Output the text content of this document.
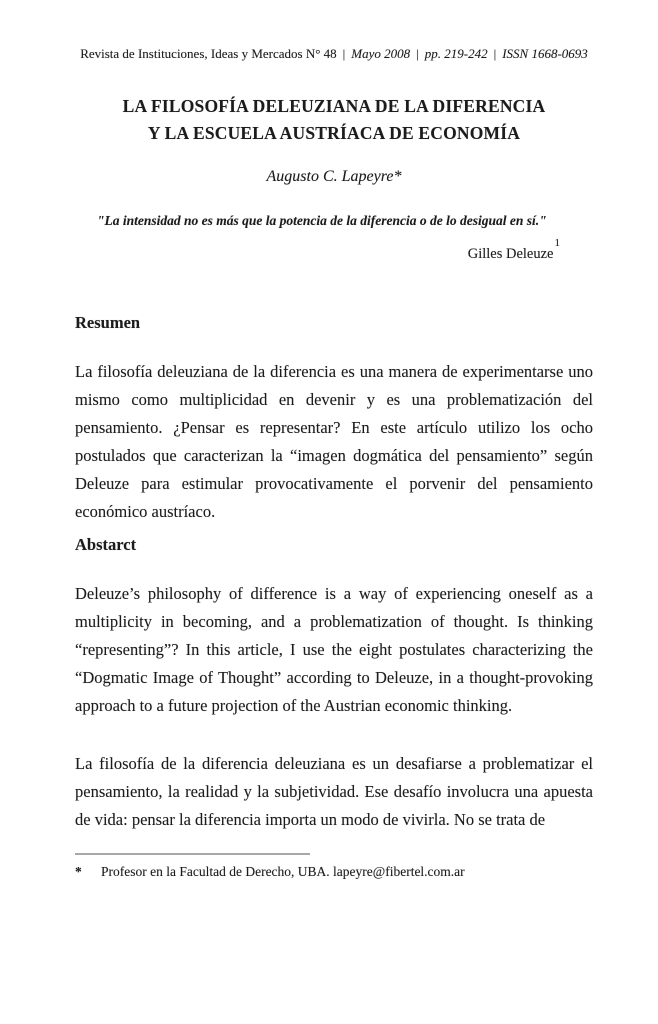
Revista de Instituciones, Ideas y Mercados N° 48 | Mayo 2008 | pp. 219-242 | ISSN 1668-0693
LA FILOSOFÍA DELEUZIANA DE LA DIFERENCIA
Y LA ESCUELA AUSTRÍACA DE ECONOMÍA
Augusto C. Lapeyre*
"La intensidad no es más que la potencia de la diferencia o de lo desigual en sí."
Gilles Deleuze$^1$
Resumen

La filosofía deleuziana de la diferencia es una manera de experimentarse uno mismo como multiplicidad en devenir y es una problematización del pensamiento. ¿Pensar es representar? En este artículo utilizo los ocho postulados que caracterizan la “imagen dogmática del pensamiento” según Deleuze para estimular provocativamente el porvenir del pensamiento económico austríaco.

Abstarct

Deleuze’s philosophy of difference is a way of experiencing oneself as a multiplicity in becoming, and a problematization of thought. Is thinking “representing”? In this article, I use the eight postulates characterizing the “Dogmatic Image of Thought” according to Deleuze, in a thought-provoking approach to a future projection of the Austrian economic thinking.

La filosofía de la diferencia deleuziana es un desafiarse a problematizar el pensamiento, la realidad y la subjetividad. Ese desafío involucra una apuesta de vida: pensar la diferencia importa un modo de vivirla. No se trata de

*	Profesor en la Facultad de Derecho, UBA. lapeyre@fibertel.com.ar
